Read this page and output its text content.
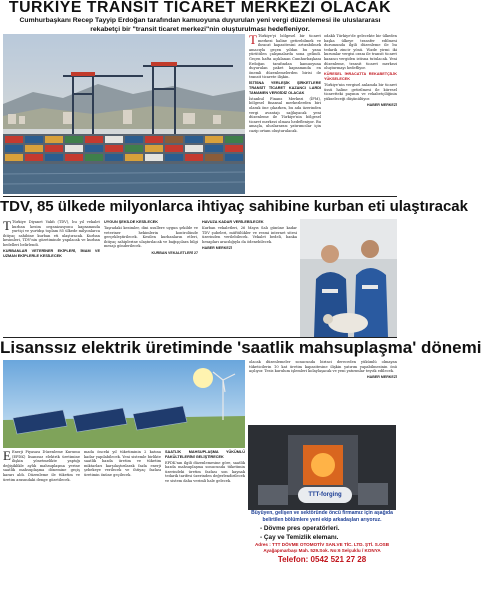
TÜRKİYE TRANSİT TİCARET MERKEZİ OLACAK
Cumhurbaşkanı Recep Tayyip Erdoğan tarafından kamuoyuna duyurulan yeni vergi düzenlemesi ile uluslararası rekabetçi bir "transit ticaret merkezi"nin oluşturulması hedefleniyor.

T Türkiye'yi bölgesel bir ticaret merkezi haline getirebilmek ve ihracat kapasitesini artırabilmek amacıyla geçen yıldan bu yana yürütülen çalışmalarda sona gelindi. Geçen hafta açıklanan Cumhurbaşkanı Erdoğan tarafından kamuoyuna duyurulan paket kapsamında en önemli düzenlemelerden birisi de transit ticarete ilişkin.

İSTİSNA YERLEŞİK ŞİRKETLERE TRANSİT TİCARET KAZANCI LARDI TAMAMEN VERGİDİZ OLACAK

İstanbul Finans Merkezi (İFM), bölgesel finansal merkezlerden biri olarak öne çıkarken, bu ada üzerinden vergi avantajı sağlayacak yeni düzenleme ile Türkiye'nin bölgesel ticaret merkezi olması hedefleniyor. Bu amaçla, uluslararası yatırımcılar için cazip ortam oluşturulacak.

odaklı Türkiye'de gelecekte bir ülkeden başka ülkeye transfer edilmesi durumunda ilgili düzenleme ile bu tedarik zincir yönü. Yüzde yirmi iki kurumlar vergisi oranı ile transit ticaret kazancı vergiden istisna tutulacak. Yeni düzenleme, transit ticaret merkezi oluşturmayı hedefliyor.

KÜRESEL İHRACATTA REKABETÇİLİK YÜKSELECEK

Türkiye'nin vergisel anlamda bir ticaret üssü haline getirilmesi ile küresel ticaretteki payının ve rekabetçiliğinin yükseleceği düşünülüyor.

HABER MERKEZİ
TDV, 85 ülkede milyonlarca ihtiyaç sahibine kurban eti ulaştıracak

T Türkiye Diyanet Vakfı (TDV), bu yıl vekalet kurban kesim organizasyonu kapsamında yurtiçi ve yurtdışı toplam 85 ülkede milyonlarca ihtiyaç sahibine kurban eti ulaştıracak. Kurban kesimleri, TDV'nin gözetiminde yapılacak ve kurban bedelleri belirlendi.

KURBANLAR VETERİNER EKİPLERİ, İMAM VE UZMAN EKİPLERLE KESİLECEK

UYGUN ŞEKİLDE KESİLECEK

Taşradaki kesimler, dini usullere uygun şekilde ve veteriner hekimlerin kontrolünde gerçekleştirilecek. Kesilen kurbanların etleri, ihtiyaç sahiplerine ulaştırılacak ve bağışçılara bilgi mesajı gönderilecek.

KURBAN VEKALETLERİ 27

HAVUZA KADAR VERİLEBİLECEK

Kurban vekaletleri, 26 Mayıs Salı gününe kadar TDV şubeleri, müftülükler ve resmi internet sitesi üzerinden verilebilecek. Vekalet bedeli, banka hesapları aracılığıyla da ödenebilecek.

HABER MERKEZİ
Lisanssız elektrik üretiminde 'saatlik mahsuplaşma' dönemi

E Enerji Piyasası Düzenleme Kurumu (EPDK) lisanssız elektrik üretimine ilişkin yönetmelikte yaptığı değişiklikle aylık mahsuplaşma yerine saatlik mahsuplaşma dönemine geçiş kararı aldı. Düzenleme ile tüketim ve üretim arasındaki denge gözetilecek.

mada önceki yıl tüketiminin 2 katına kadar yapılabilecek. Yeni sistemle birlikte saatlik bazda üretim ve tüketim miktarları karşılaştırılarak fazla enerji şebekeye verilecek ve ihtiyaç fazlası üretimin önüne geçilecek.

SAATLİK MAHSUPLAŞMA YÜKÜMLÜ FAKÜLTELERİNİ GELİŞTİRECEK

EPDK'nın ilgili düzenlemesine göre, saatlik bazda mahsuplaşma sonucunda tüketimin üzerindeki üretim fazlası son kaynak tedarik tarifesi üzerinden değerlendirilecek ve sistem daha verimli hale gelecek.

olacak düzenlemeler sonucunda birinci dereceden yükümlü olmayan tüketicilerin 10 kat üretim kapasitesine ilişkin yatırım yapabilmesinin önü açılıyor. Tesis kurulum işlemleri kolaylaşacak ve yeni yatırımlar teşvik edilecek.

HABER MERKEZİ
TTT-forging
Büyüyen, gelişen ve sektöründe öncü firmamız için aşağıda belirtilen bölümlere yeni ekip arkadaşları arıyoruz.
- Dövme pres operatörleri.
- Çay ve Temizlik elemanı.
Adres : TTT DÖVME OTOMOTİV SAN.VE TİC. LTD. ŞTİ. S.OSB Ayağapınarbaşı Mah. 529.Sok. No:6 Selçuklu / KONYA
Telefon: 0542 521 27 28
